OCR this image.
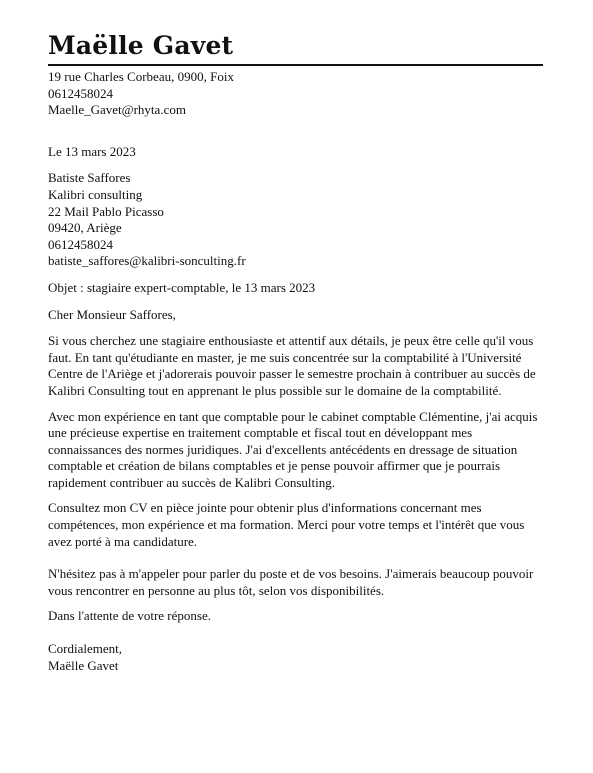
Maëlle Gavet
19 rue Charles Corbeau, 0900, Foix
0612458024
Maelle_Gavet@rhyta.com
Le 13 mars 2023
Batiste Saffores
Kalibri consulting
22 Mail Pablo Picasso
09420, Ariège
0612458024
batiste_saffores@kalibri-sonculting.fr
Objet : stagiaire expert-comptable, le 13 mars 2023
Cher Monsieur Saffores,

Si vous cherchez une stagiaire enthousiaste et attentif aux détails, je peux être celle qu'il vous faut. En tant qu'étudiante en master, je me suis concentrée sur la comptabilité à l'Université Centre de l'Ariège et j'adorerais pouvoir passer le semestre prochain à contribuer au succès de Kalibri Consulting tout en apprenant le plus possible sur le domaine de la comptabilité.

Avec mon expérience en tant que comptable pour le cabinet comptable Clémentine, j'ai acquis une précieuse expertise en traitement comptable et fiscal tout en développant mes connaissances des normes juridiques. J'ai d'excellents antécédents en dressage de situation comptable et création de bilans comptables et je pense pouvoir affirmer que je pourrais rapidement contribuer au succès de Kalibri Consulting.

Consultez mon CV en pièce jointe pour obtenir plus d'informations concernant mes compétences, mon expérience et ma formation. Merci pour votre temps et l'intérêt que vous avez porté à ma candidature.

N'hésitez pas à m'appeler pour parler du poste et de vos besoins. J'aimerais beaucoup pouvoir vous rencontrer en personne au plus tôt, selon vos disponibilités.

Dans l'attente de votre réponse.

Cordialement,
Maëlle Gavet
